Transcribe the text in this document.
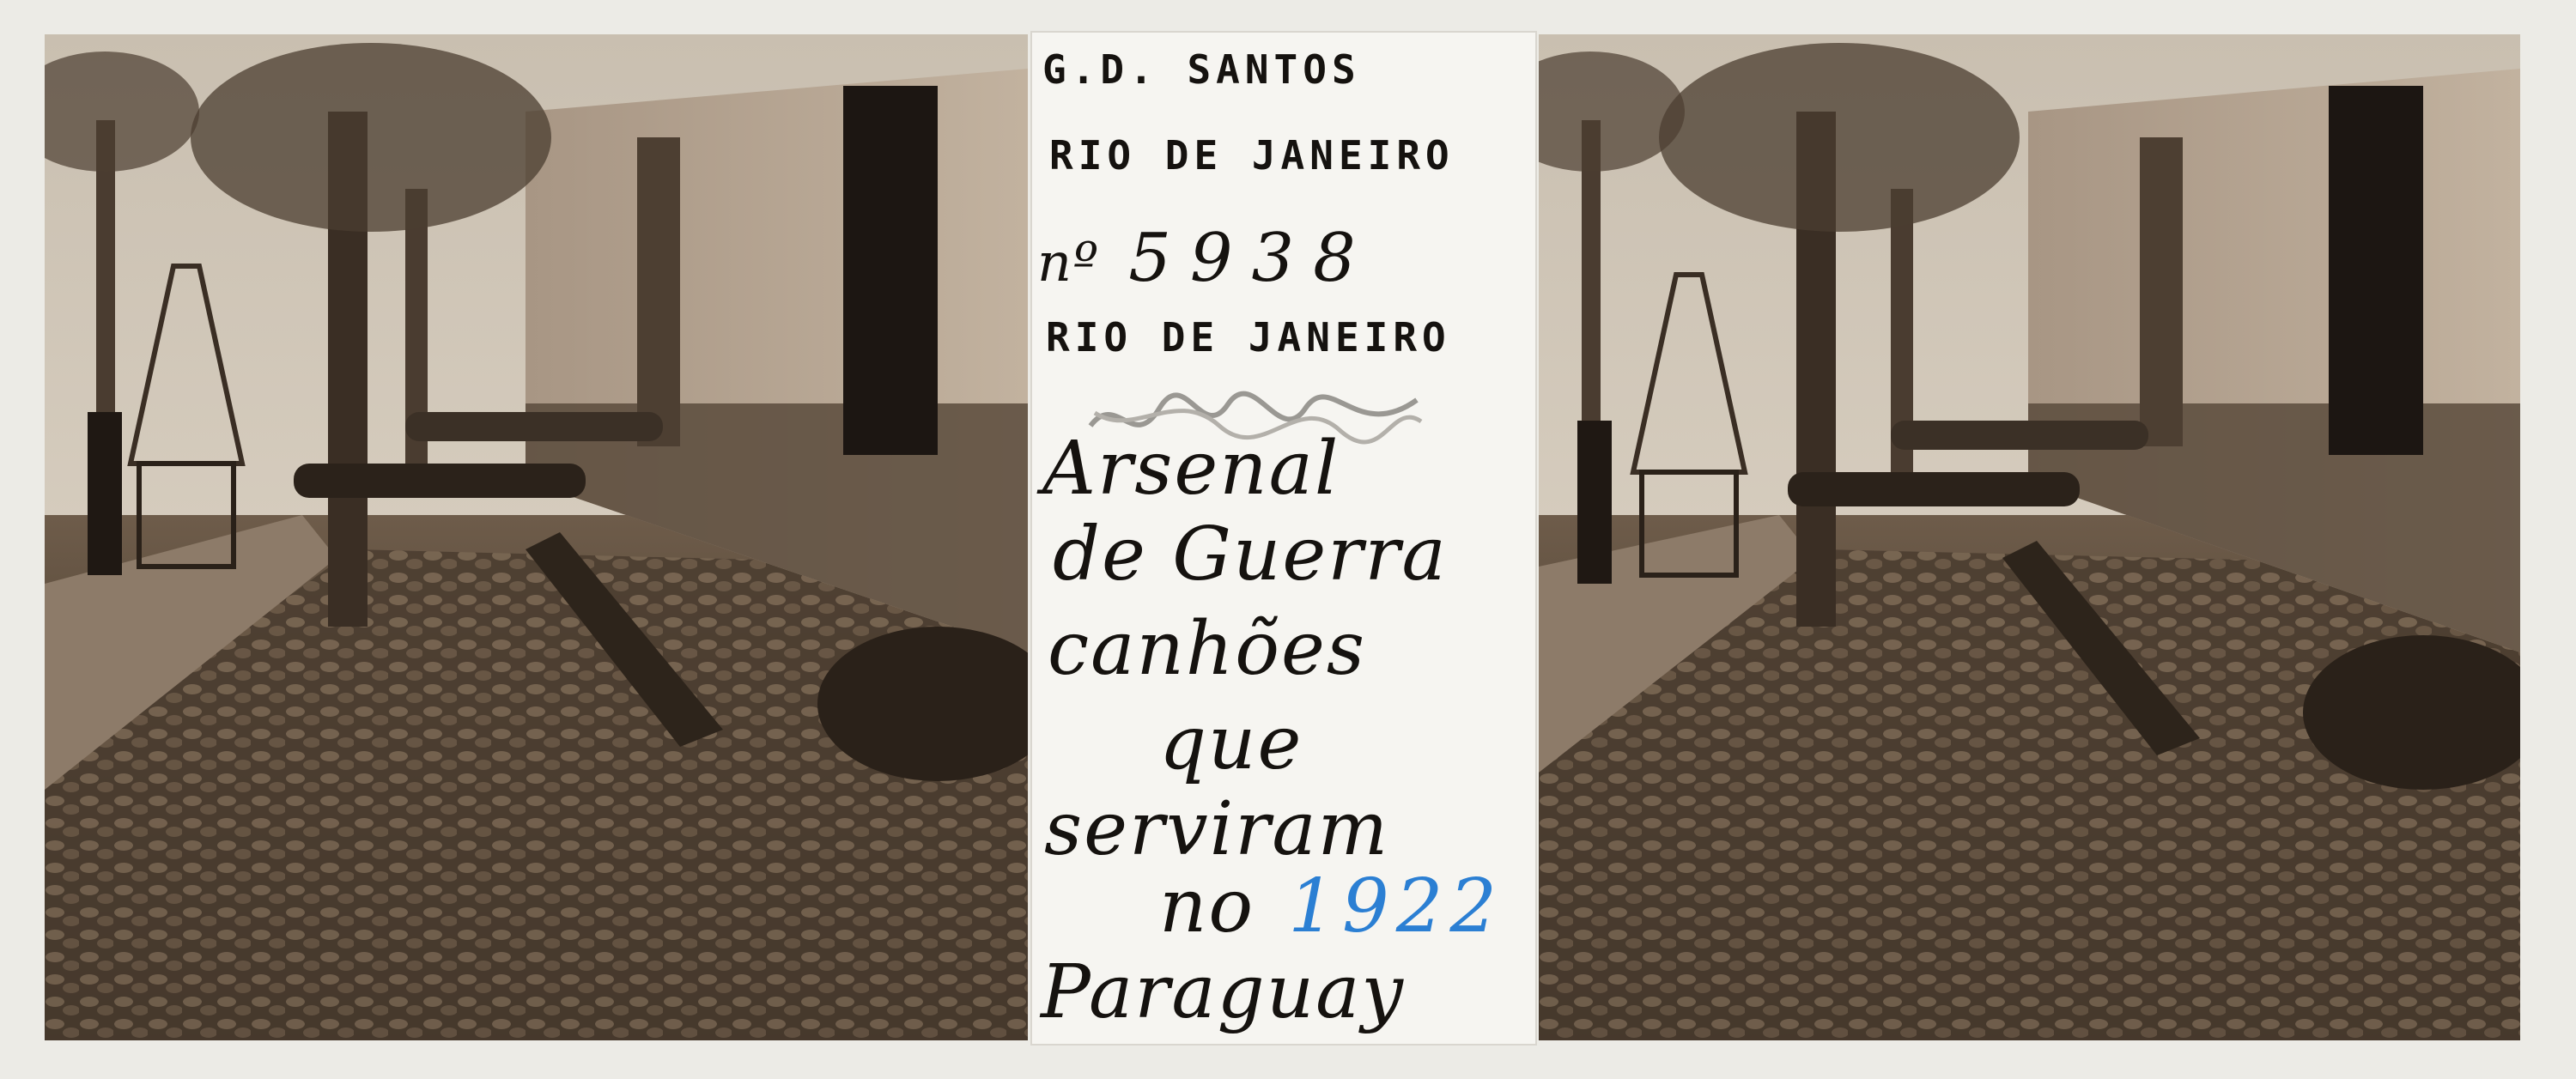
G.D. SANTOS
RIO DE JANEIRO
nº 5938
RIO DE JANEIRO
Arsenal
de Guerra
canhões
que
serviram
no 1922
Paraguay
